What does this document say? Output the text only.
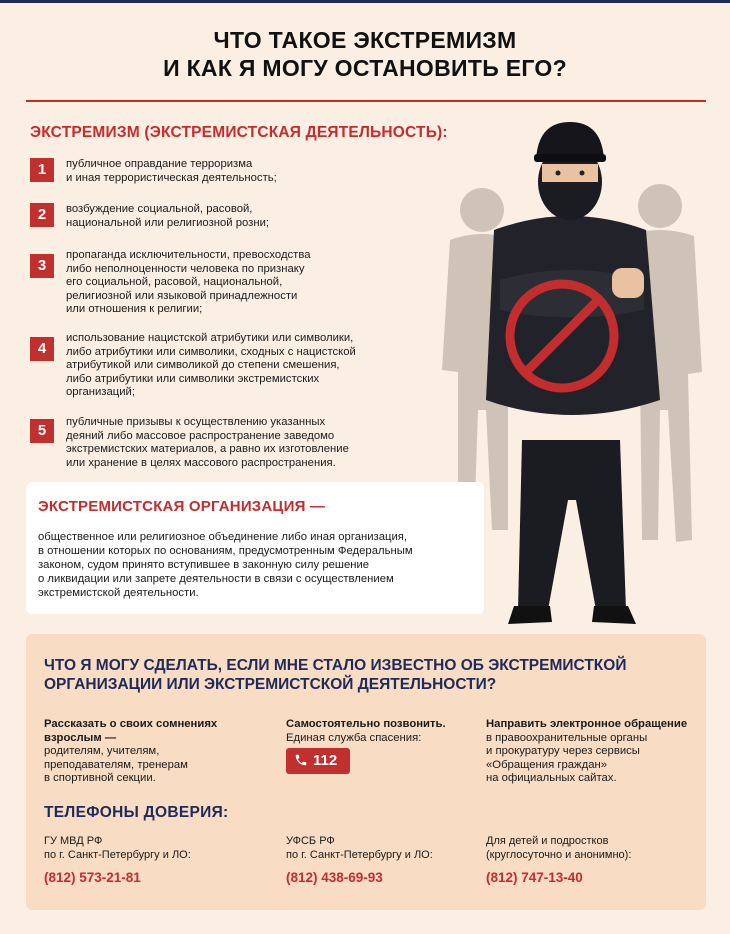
ЧТО ТАКОЕ ЭКСТРЕМИЗМ
И КАК Я МОГУ ОСТАНОВИТЬ ЕГО?
ЭКСТРЕМИЗМ (ЭКСТРЕМИСТСКАЯ ДЕЯТЕЛЬНОСТЬ):
1	публичное оправдание терроризма
и иная террористическая деятельность;
2	возбуждение социальной, расовой,
национальной или религиозной розни;
3
пропаганда исключительности, превосходства
либо неполноценности человека по признаку
его социальной, расовой, национальной,
религиозной или языковой принадлежности
или отношения к религии;
4
использование нацистской атрибутики или символики,
либо атрибутики или символики, сходных с нацистской
атрибутикой или символикой до степени смешения,
либо атрибутики или символики экстремистских
организаций;
5	публичные призывы к осуществлению указанных
деяний либо массовое распространение заведомо
экстремистских материалов, а равно их изготовление
или хранение в целях массового распространения.
ЭКСТРЕМИСТСКАЯ ОРГАНИЗАЦИЯ —
общественное или религиозное объединение либо иная организация,
в отношении которых по основаниям, предусмотренным Федеральным
законом, судом принято вступившее в законную силу решение
о ликвидации или запрете деятельности в связи с осуществлением
экстремистской деятельности.
ЧТО Я МОГУ СДЕЛАТЬ, ЕСЛИ МНЕ СТАЛО ИЗВЕСТНО ОБ ЭКСТРЕМИСТКОЙ
ОРГАНИЗАЦИИ ИЛИ ЭКСТРЕМИСТСКОЙ ДЕЯТЕЛЬНОСТИ?
Рассказать о своих сомнениях
взрослым —
родителям, учителям,
преподавателям, тренерам
в спортивной секции.
Самостоятельно позвонить.
Единая служба спасения:
112
Направить электронное обращение
в правоохранительные органы
и прокуратуру через сервисы
«Обращения граждан»
на официальных сайтах.
ТЕЛЕФОНЫ ДОВЕРИЯ:
ГУ МВД РФ
по г. Санкт-Петербургу и ЛО:
(812) 573-21-81
УФСБ РФ
по г. Санкт-Петербургу и ЛО:
(812) 438-69-93
Для детей и подростков
(круглосуточно и анонимно):
(812) 747-13-40
